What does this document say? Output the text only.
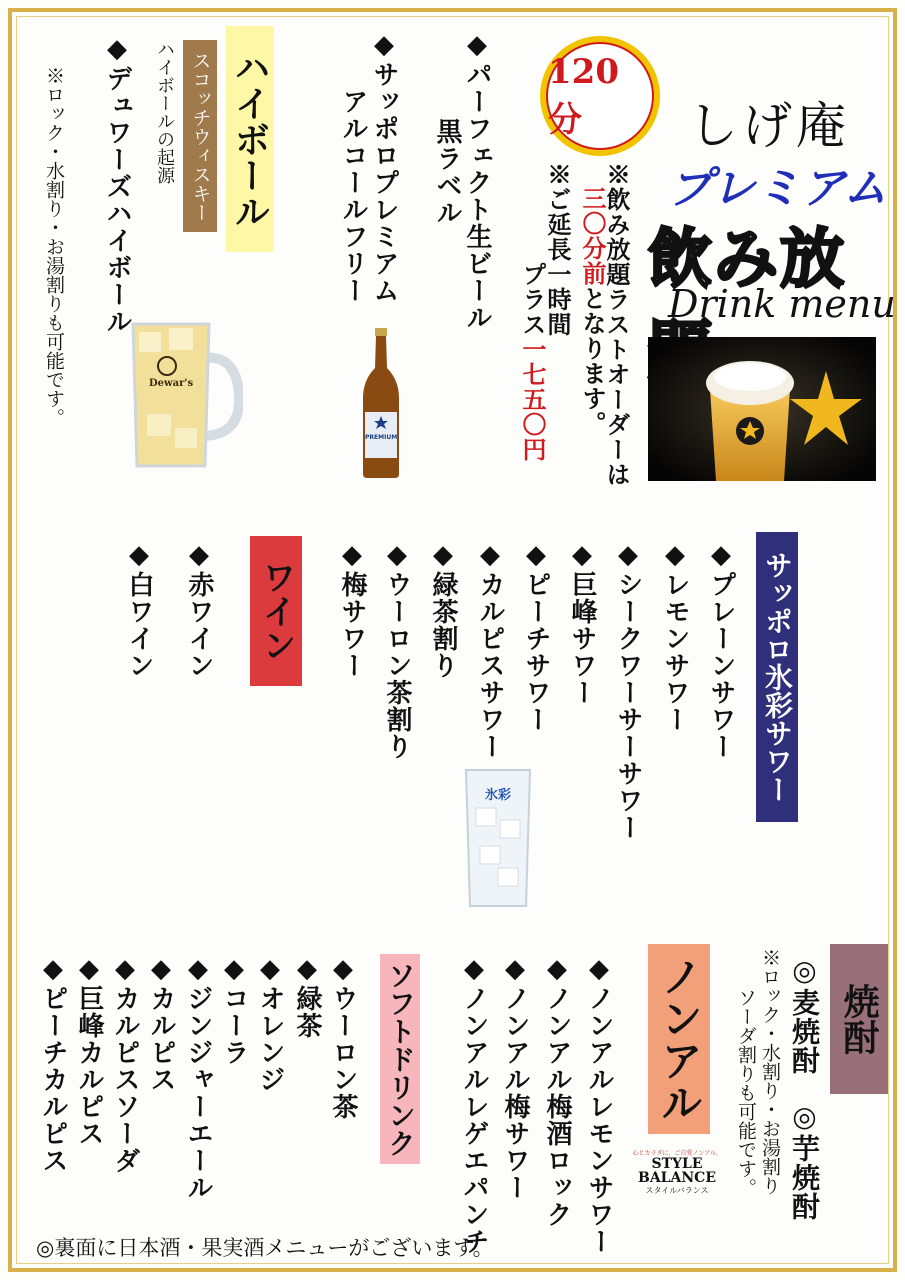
しげ庵
プレミアム
飲み放
Drink menu
120分
※飲み放題ラストオーダーは
三〇分前となります。
※ご延長一時間
プラス一七五〇円
◆パーフェクト生ビール
黒ラベル
◆サッポロプレミアム
アルコールフリー
PREMIUM
ハイボール
スコッチウィスキー
ハイボールの起源
◆デュワーズハイボール
※ロック・水割り・お湯割りも可能です。	Dewar's
サッポロ氷彩サワー
◆プレーンサワー
◆レモンサワー
◆シークワーサーサワー
◆巨峰サワー
◆ピーチサワー
◆カルピスサワー
◆緑茶割り
◆ウーロン茶割り
◆梅サワー
氷彩
ワイン
◆赤ワイン
◆白ワイン
焼酎
◎麦焼酎
◎芋焼酎
※ロック・水割り・お湯割り
ソーダ割りも可能です。
ノンアル
◆ノンアルレモンサワー
◆ノンアル梅酒ロック
◆ノンアル梅サワー
◆ノンアルレゲエパンチ	心とカラダに、ご自愛ノンアル。
STYLE
BALANCE
スタイルバランス
ソフトドリンク
◆ウーロン茶
◆緑茶
◆オレンジ
◆コーラ
◆ジンジャーエール
◆カルピス
◆カルピスソーダ
◆巨峰カルピス
◆ピーチカルピス
◎裏面に日本酒・果実酒メニューがございます。
